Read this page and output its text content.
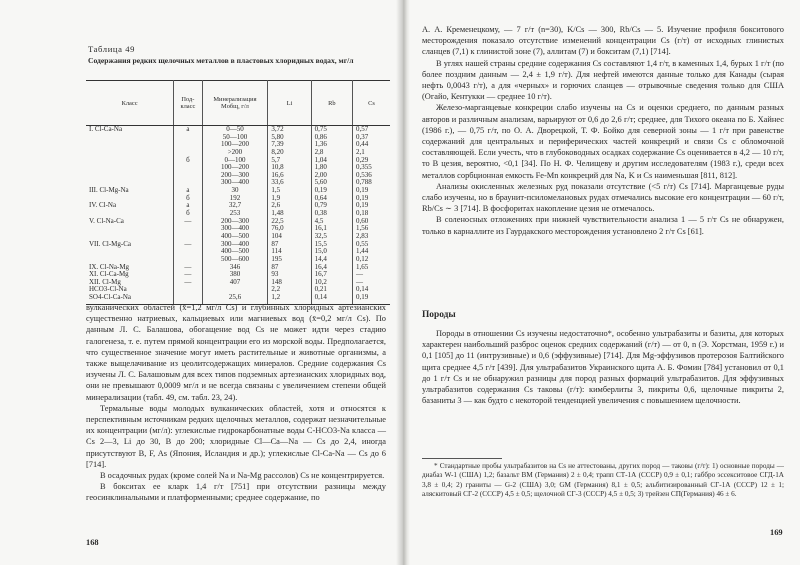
Таблица 49
Содержания редких щелочных металлов в пластовых хлоридных водах, мг/л
Класс	Под-класс	Минерализация Mобщ, г/л	Li	Rb	Cs
I. Cl-Ca-Na	а	0—50	3,72	0,75	0,57
		50—100	5,80	0,86	0,37
		100—200	7,39	1,36	0,44
		>200	8,20	2,8	2,1
	б	0—100	5,7	1,04	0,29
		100—200	10,8	1,80	0,355
		200—300	16,6	2,00	0,536
		300—400	33,6	5,60	0,788
III. Cl-Mg-Na	а	30	1,5	0,19	0,19
	б	192	1,9	0,64	0,19
IV. Cl-Na	а	32,7	2,6	0,79	0,19
	б	253	1,48	0,38	0,18
V. Cl-Na-Ca	—	200—300	22,5	4,5	0,60
		300—400	76,0	16,1	1,56
		400—500	104	32,5	2,83
VII. Cl-Mg-Ca	—	300—400	87	15,5	0,55
		400—500	114	15,0	1,44
		500—600	195	14,4	0,12
IX. Cl-Na-Mg	—	346	87	16,4	1,65
XI. Cl-Ca-Mg	—	380	93	16,7	—
XII. Cl-Mg	—	407	148	10,2	—
HCO3-Cl-Na			2,2	0,21	0,14
SO4-Cl-Ca-Na		25,6	1,2	0,14	0,19

вулканических областей (x̄=1,2 мг/л Cs) и глубинных хлоридных артезианских существенно натриевых, кальциевых или магниевых вод (x̄=0,2 мг/л Cs). По данным Л. С. Балашова, обогащение вод Cs не может идти через стадию галогенеза, т. е. путем прямой концентрации его из морской воды. Предполагается, что существенное значение могут иметь растительные и животные организмы, а также выщелачивание из цеолитсодержащих минералов. Средние содержания Cs изучены Л. С. Балашовым для всех типов подземных артезианских хлоридных вод, они не превышают 0,0009 мг/л и не всегда связаны с увеличением степени общей минерализации (табл. 49, см. табл. 23, 24).

Термальные воды молодых вулканических областей, хотя и относятся к перспективным источникам редких щелочных металлов, содержат незначительные их концентрации (мг/л): углекислые гидрокарбонатные воды С-НСО3-Na класса — Cs 2—3, Li до 30, В до 200; хлоридные Cl—Ca—Na — Cs до 2,4, иногда присутствуют В, F, As (Япония, Исландия и др.); углекислые Cl-Ca-Na — Cs до 6 [714].

В осадочных рудах (кроме солей Na и Na-Mg рассолов) Cs не концентрируется.

В бокситах ее кларк 1,4 г/т [751] при отсутствии разницы между геосинклинальными и платформенными; среднее содержание, по

168

А. А. Кременецкому, — 7 г/т (n=30), K/Cs — 300, Rb/Cs — 5. Изучение профиля бокситового месторождения показало отсутствие изменений концентрации Cs (г/т) от исходных глинистых сланцев (7,1) к глинистой зоне (7), аллитам (7) и бокситам (7,1) [714].

В углях нашей страны средние содержания Cs составляют 1,4 г/т, в каменных 1,4, бурых 1 г/т (по более поздним данным — 2,4 ± 1,9 г/т). Для нефтей имеются данные только для Канады (сырая нефть 0,0043 г/т), а для «черных» и горючих сланцев — отрывочные сведения только для США (Огайо, Кентукки — среднее 10 г/т).

Железо-марганцевые конкреции слабо изучены на Cs и оценки среднего, по данным разных авторов и различным анализам, варьируют от 0,6 до 2,6 г/т; среднее, для Тихого океана по Б. Хайнес (1986 г.), — 0,75 г/т, по О. А. Дворецкой, Т. Ф. Бойко для северной зоны — 1 г/т при равенстве содержаний для центральных и периферических частей конкреций и связи Cs с обломочной составляющей. Если учесть, что в глубоководных осадках содержание Cs оценивается в 4,2 — 10 г/т, то В цезия, вероятно, <0,1 [34]. По Н. Ф. Челищеву и другим исследователям (1983 г.), среди всех металлов сорбционная емкость Fe-Mn конкреций для Na, K и Cs наименьшая [811, 812].

Анализы окисленных железных руд показали отсутствие (<5 г/т) Cs [714]. Марганцевые руды слабо изучены, но в браунит-псиломелановых рудах отмечались высокие его концентрации — 60 г/т, Rb/Cs ∼ 3 [714]. В фосфоритах накопление цезия не отмечалось.

В соленосных отложениях при нижней чувствительности анализа 1 — 5 г/т Cs не обнаружен, только в карналлите из Гаурдакского месторождения установлено 2 г/т Cs [61].

Породы

Породы в отношении Cs изучены недостаточно*, особенно ультрабазиты и базиты, для которых характерен наибольший разброс оценок средних содержаний (г/т) — от 0, n (Э. Хорстман, 1959 г.) и 0,1 [105] до 11 (интрузивные) и 0,6 (эффузивные) [714]. Для Mg-эффузивов протерозоя Балтийского щита среднее 4,5 г/т [439]. Для ультрабазитов Украинского щита А. Б. Фомин [784] установил от 0,1 до 1 г/т Cs и не обнаружил разницы для пород разных формаций ультрабазитов. Для эффузивных ультрабазитов содержания Cs таковы (г/т): кимберлиты 3, пикриты 0,6, щелочные пикриты 2, базаниты 3 — как будто с некоторой тенденцией увеличения с повышением щелочности.

* Стандартные пробы ультрабазитов на Cs не аттестованы, других пород — таковы (г/т): 1) основные породы — диабаз W-1 (США) 1,2; базальт ВМ (Германия) 2 ± 0,4; трапп СТ-1А (СССР) 0,9 ± 0,1; габбро эссекситовое СГД-1А 3,8 ± 0,4; 2) граниты — G-2 (США) 3,0; GM (Германия) 8,1 ± 0,5; альбитизированный СГ-1А (СССР) 12 ± 1; аляскитовый СГ-2 (СССР) 4,5 ± 0,5; щелочной СГ-3 (СССР) 4,5 ± 0,5; 3) трейзен СП(Германия) 46 ± 6.

169
